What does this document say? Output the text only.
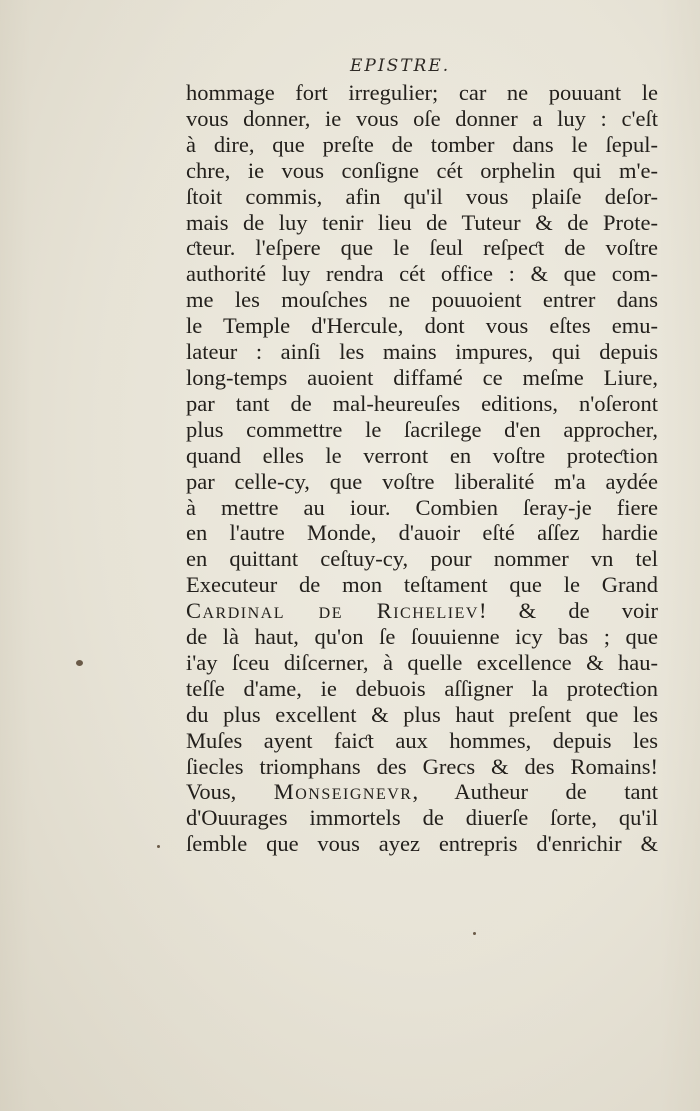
EPISTRE.
hommage fort irregulier; car ne pouuant le
vous donner, ie vous oſe donner a luy : c'eſt
à dire, que preſte de tomber dans le ſepul-
chre, ie vous conſigne cét orphelin qui m'e-
ſtoit commis, afin qu'il vous plaiſe deſor-
mais de luy tenir lieu de Tuteur & de Prote-
ƈteur. l'eſpere que le ſeul reſpeƈt de voſtre
authorité luy rendra cét office : & que com-
me les mouſches ne pouuoient entrer dans
le Temple d'Hercule, dont vous eſtes emu-
lateur : ainſi les mains impures, qui depuis
long-temps auoient diffamé ce meſme Liure,
par tant de mal-heureuſes editions, n'oſeront
plus commettre le ſacrilege d'en approcher,
quand elles le verront en voſtre proteƈtion
par celle-cy, que voſtre liberalité m'a aydée
à mettre au iour. Combien ſeray-je fiere
en l'autre Monde, d'auoir eſté aſſez hardie
en quittant ceſtuy-cy, pour nommer vn tel
Executeur de mon teſtament que le Grand
Cardinal de Richeliev! & de voir
de là haut, qu'on ſe ſouuienne icy bas ; que
i'ay ſceu diſcerner, à quelle excellence & hau-
teſſe d'ame, ie debuois aſſigner la proteƈtion
du plus excellent & plus haut preſent que les
Muſes ayent faiƈt aux hommes, depuis les
ſiecles triomphans des Grecs & des Romains!
Vous, Monseignevr, Autheur de tant
d'Ouurages immortels de diuerſe ſorte, qu'il
ſemble que vous ayez entrepris d'enrichir &
